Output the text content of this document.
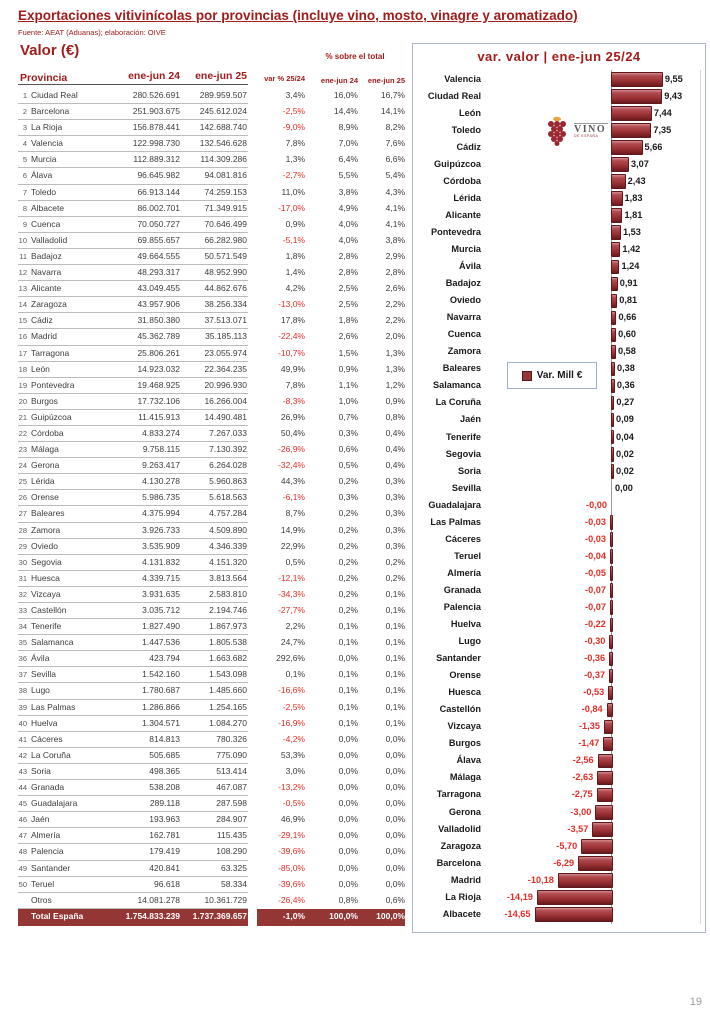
Exportaciones vitivinícolas por provincias (incluye vino, mosto, vinagre y aromatizado)
Fuente: AEAT (Aduanas); elaboración: OIVE
Valor (€)	% sobre el total
Provincia	ene-jun 24	ene-jun 25	var % 25/24	ene-jun 24	ene-jun 25
1 Ciudad Real	280.526.691	289.959.507	3,4%	16,0%	16,7%
2 Barcelona	251.903.675	245.612.024	-2,5%	14,4%	14,1%
3 La Rioja	156.878.441	142.688.740	-9,0%	8,9%	8,2%
4 Valencia	122.998.730	132.546.628	7,8%	7,0%	7,6%
5 Murcia	112.889.312	114.309.286	1,3%	6,4%	6,6%
6 Álava	96.645.982	94.081.816	-2,7%	5,5%	5,4%
7 Toledo	66.913.144	74.259.153	11,0%	3,8%	4,3%
8 Albacete	86.002.701	71.349.915	-17,0%	4,9%	4,1%
9 Cuenca	70.050.727	70.646.499	0,9%	4,0%	4,1%
10 Valladolid	69.855.657	66.282.980	-5,1%	4,0%	3,8%
11 Badajoz	49.664.555	50.571.549	1,8%	2,8%	2,9%
12 Navarra	48.293.317	48.952.990	1,4%	2,8%	2,8%
13 Alicante	43.049.455	44.862.676	4,2%	2,5%	2,6%
14 Zaragoza	43.957.906	38.256.334	-13,0%	2,5%	2,2%
15 Cádiz	31.850.380	37.513.071	17,8%	1,8%	2,2%
16 Madrid	45.362.789	35.185.113	-22,4%	2,6%	2,0%
17 Tarragona	25.806.261	23.055.974	-10,7%	1,5%	1,3%
18 León	14.923.032	22.364.235	49,9%	0,9%	1,3%
19 Pontevedra	19.468.925	20.996.930	7,8%	1,1%	1,2%
20 Burgos	17.732.106	16.266.004	-8,3%	1,0%	0,9%
21 Guipúzcoa	11.415.913	14.490.481	26,9%	0,7%	0,8%
22 Córdoba	4.833.274	7.267.033	50,4%	0,3%	0,4%
23 Málaga	9.758.115	7.130.392	-26,9%	0,6%	0,4%
24 Gerona	9.263.417	6.264.028	-32,4%	0,5%	0,4%
25 Lérida	4.130.278	5.960.863	44,3%	0,2%	0,3%
26 Orense	5.986.735	5.618.563	-6,1%	0,3%	0,3%
27 Baleares	4.375.994	4.757.284	8,7%	0,2%	0,3%
28 Zamora	3.926.733	4.509.890	14,9%	0,2%	0,3%
29 Oviedo	3.535.909	4.346.339	22,9%	0,2%	0,3%
30 Segovia	4.131.832	4.151.320	0,5%	0,2%	0,2%
31 Huesca	4.339.715	3.813.564	-12,1%	0,2%	0,2%
32 Vizcaya	3.931.635	2.583.810	-34,3%	0,2%	0,1%
33 Castellón	3.035.712	2.194.746	-27,7%	0,2%	0,1%
34 Tenerife	1.827.490	1.867.973	2,2%	0,1%	0,1%
35 Salamanca	1.447.536	1.805.538	24,7%	0,1%	0,1%
36 Ávila	423.794	1.663.682	292,6%	0,0%	0,1%
37 Sevilla	1.542.160	1.543.098	0,1%	0,1%	0,1%
38 Lugo	1.780.687	1.485.660	-16,6%	0,1%	0,1%
39 Las Palmas	1.286.866	1.254.165	-2,5%	0,1%	0,1%
40 Huelva	1.304.571	1.084.270	-16,9%	0,1%	0,1%
41 Cáceres	814.813	780.326	-4,2%	0,0%	0,0%
42 La Coruña	505.685	775.090	53,3%	0,0%	0,0%
43 Soria	498.365	513.414	3,0%	0,0%	0,0%
44 Granada	538.208	467.087	-13,2%	0,0%	0,0%
45 Guadalajara	289.118	287.598	-0,5%	0,0%	0,0%
46 Jaén	193.963	284.907	46,9%	0,0%	0,0%
47 Almería	162.781	115.435	-29,1%	0,0%	0,0%
48 Palencia	179.419	108.290	-39,6%	0,0%	0,0%
49 Santander	420.841	63.325	-85,0%	0,0%	0,0%
50 Teruel	96.618	58.334	-39,6%	0,0%	0,0%
Otros	14.081.278	10.361.729	-26,4%	0,8%	0,6%
Total España	1.754.833.239	1.737.369.657	-1,0%	100,0%	100,0%
var. valor | ene-jun 25/24
VINO
DE ESPAÑA
Var. Mill €
Valencia	9,55
Ciudad Real	9,43
León	7,44
Toledo	7,35
Cádiz	5,66
Guipúzcoa	3,07
Córdoba	2,43
Lérida	1,83
Alicante	1,81
Pontevedra	1,53
Murcia	1,42
Ávila	1,24
Badajoz	0,91
Oviedo	0,81
Navarra	0,66
Cuenca	0,60
Zamora	0,58
Baleares	0,38
Salamanca	0,36
La Coruña	0,27
Jaén	0,09
Tenerife	0,04
Segovia	0,02
Soria	0,02
Sevilla	0,00
Guadalajara	-0,00
Las Palmas	-0,03
Cáceres	-0,03
Teruel	-0,04
Almería	-0,05
Granada	-0,07
Palencia	-0,07
Huelva	-0,22
Lugo	-0,30
Santander	-0,36
Orense	-0,37
Huesca	-0,53
Castellón	-0,84
Vizcaya	-1,35
Burgos	-1,47
Álava	-2,56
Málaga	-2,63
Tarragona	-2,75
Gerona	-3,00
Valladolid	-3,57
Zaragoza	-5,70
Barcelona	-6,29
Madrid	-10,18
La Rioja	-14,19
Albacete	-14,65
19
